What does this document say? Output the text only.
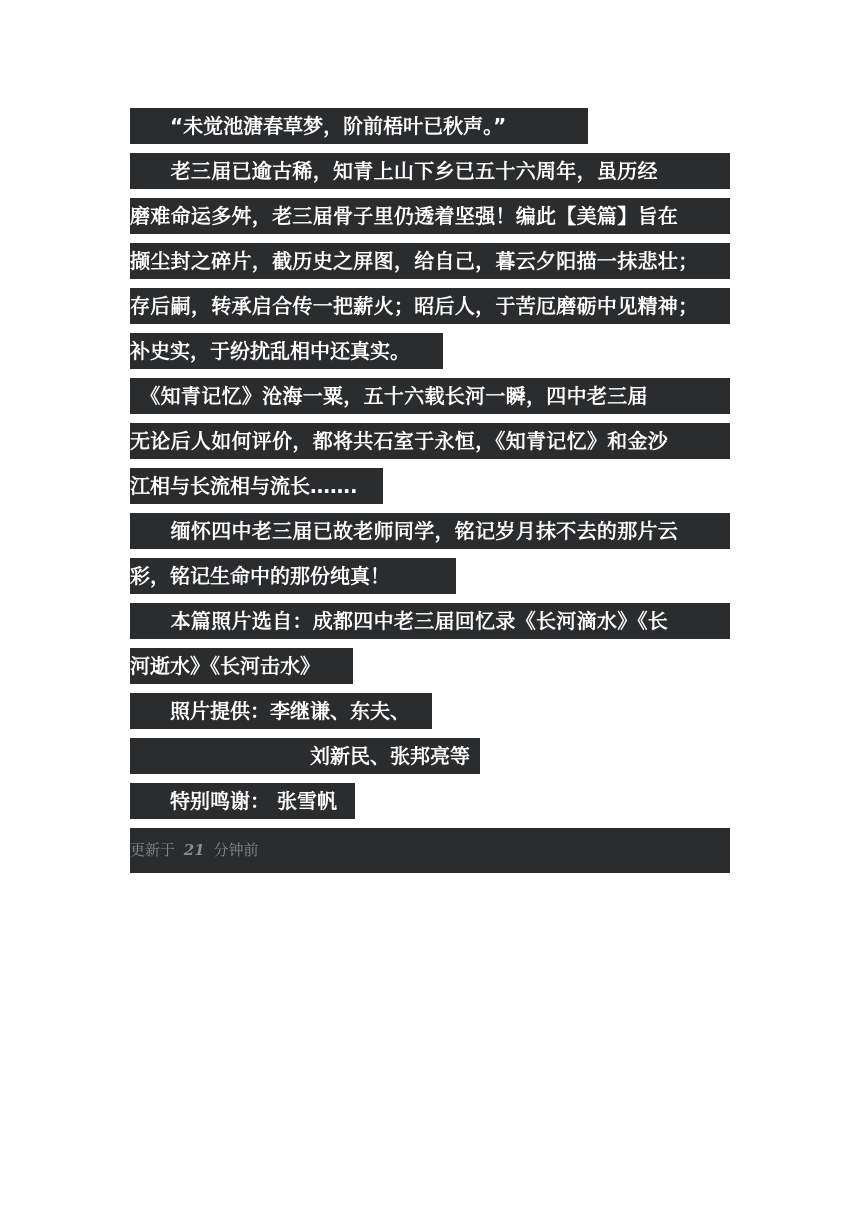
　　“未觉池溏春草梦，阶前梧叶已秋声。”
　　老三届已逾古稀，知青上山下乡已五十六周年，虽历经
磨难命运多舛，老三届骨子里仍透着坚强！编此【美篇】旨在
撷尘封之碎片，截历史之屏图，给自己，暮云夕阳描一抹悲壮；
存后嗣，转承启合传一把薪火；昭后人，于苦厄磨砺中见精神；
补史实，于纷扰乱相中还真实。
　《知青记忆》沧海一粟，五十六载长河一瞬，四中老三届
无论后人如何评价，都将共石室于永恒，《知青记忆》和金沙
江相与长流相与流长…….
　　缅怀四中老三届已故老师同学，铭记岁月抹不去的那片云
彩，铭记生命中的那份纯真！
　　本篇照片选自：成都四中老三届回忆录《长河滴水》《长
河逝水》《长河击水》
　　照片提供：李继谦、东夫、
　　　　　　　　　刘新民、张邦亮等
　　特别鸣谢： 张雪帆
更新于 21 分钟前
